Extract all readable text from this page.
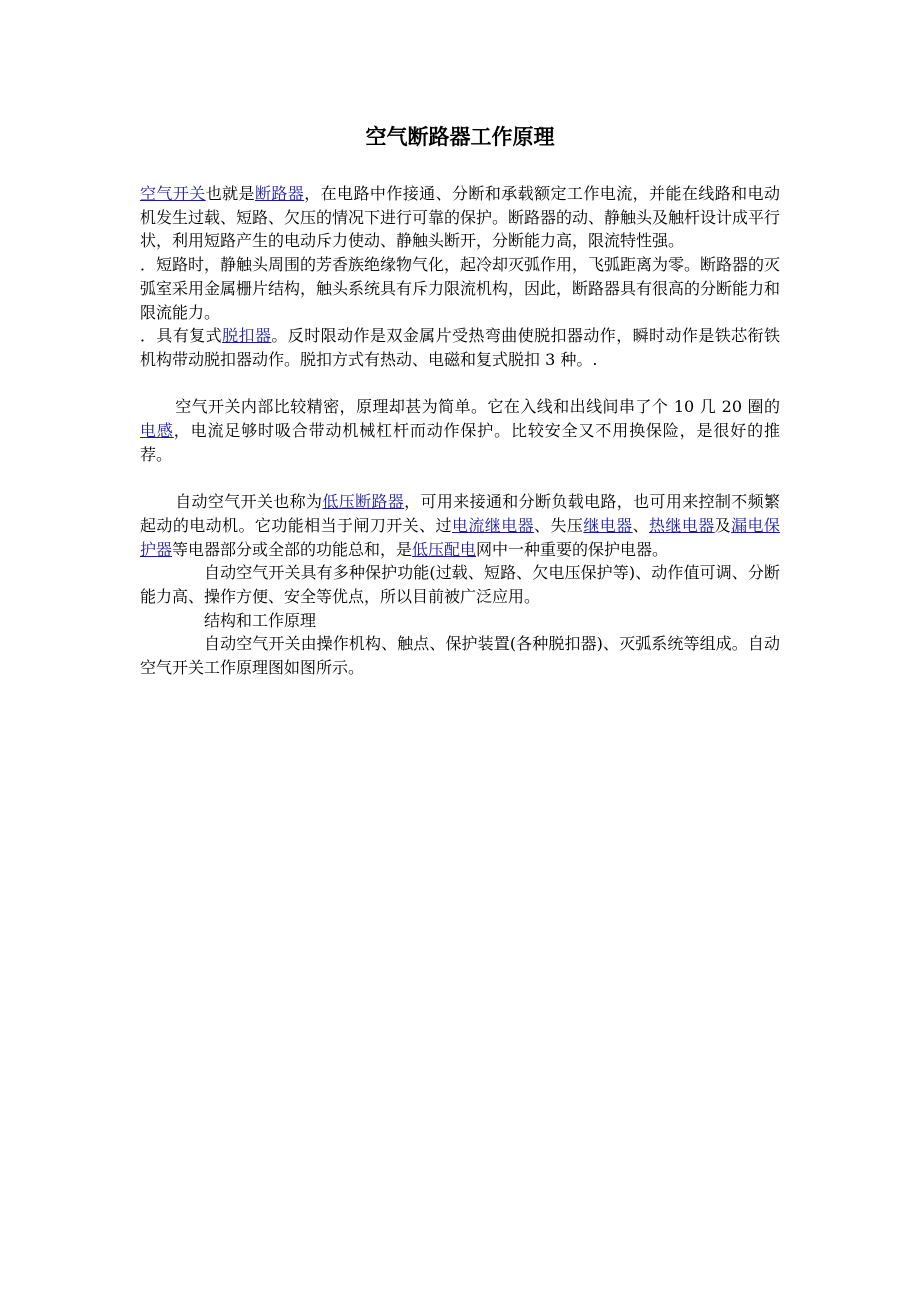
空气断路器工作原理

空气开关也就是断路器，在电路中作接通、分断和承载额定工作电流，并能在线路和电动机发生过载、短路、欠压的情况下进行可靠的保护。断路器的动、静触头及触杆设计成平行状，利用短路产生的电动斥力使动、静触头断开，分断能力高，限流特性强。

．短路时，静触头周围的芳香族绝缘物气化，起冷却灭弧作用，飞弧距离为零。断路器的灭弧室采用金属栅片结构，触头系统具有斥力限流机构，因此，断路器具有很高的分断能力和限流能力。

．具有复式脱扣器。反时限动作是双金属片受热弯曲使脱扣器动作，瞬时动作是铁芯衔铁机构带动脱扣器动作。脱扣方式有热动、电磁和复式脱扣 3 种。.

空气开关内部比较精密，原理却甚为简单。它在入线和出线间串了个 10 几 20 圈的电感，电流足够时吸合带动机械杠杆而动作保护。比较安全又不用换保险，是很好的推荐。

自动空气开关也称为低压断路器，可用来接通和分断负载电路，也可用来控制不频繁起动的电动机。它功能相当于闸刀开关、过电流继电器、失压继电器、热继电器及漏电保护器等电器部分或全部的功能总和，是低压配电网中一种重要的保护电器。

自动空气开关具有多种保护功能(过载、短路、欠电压保护等)、动作值可调、分断能力高、操作方便、安全等优点，所以目前被广泛应用。

结构和工作原理

自动空气开关由操作机构、触点、保护装置(各种脱扣器)、灭弧系统等组成。自动空气开关工作原理图如图所示。
